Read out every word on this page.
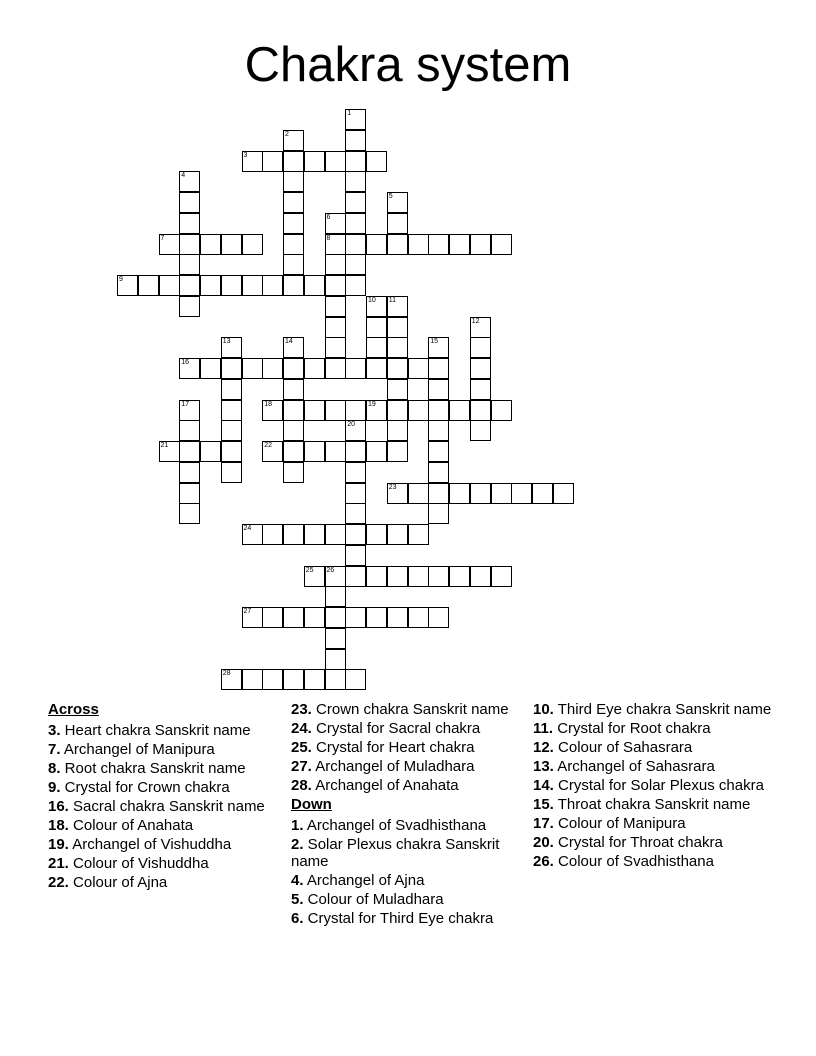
Chakra system
1
2
3
4
5
6
8
7
9
10 11
12
13	14	15
16
17	18	19
20
21	22
23
24
25 26
27
28
Across
3. Heart chakra Sanskrit name
7. Archangel of Manipura
8. Root chakra Sanskrit name
9. Crystal for Crown chakra
16. Sacral chakra Sanskrit name
18. Colour of Anahata
19. Archangel of Vishuddha
21. Colour of Vishuddha
22. Colour of Ajna
23. Crown chakra Sanskrit name
24. Crystal for Sacral chakra
25. Crystal for Heart chakra
27. Archangel of Muladhara
28. Archangel of Anahata
Down
1. Archangel of Svadhisthana
2. Solar Plexus chakra Sanskrit name
4. Archangel of Ajna
5. Colour of Muladhara
6. Crystal for Third Eye chakra
10. Third Eye chakra Sanskrit name
11. Crystal for Root chakra
12. Colour of Sahasrara
13. Archangel of Sahasrara
14. Crystal for Solar Plexus chakra
15. Throat chakra Sanskrit name
17. Colour of Manipura
20. Crystal for Throat chakra
26. Colour of Svadhisthana
